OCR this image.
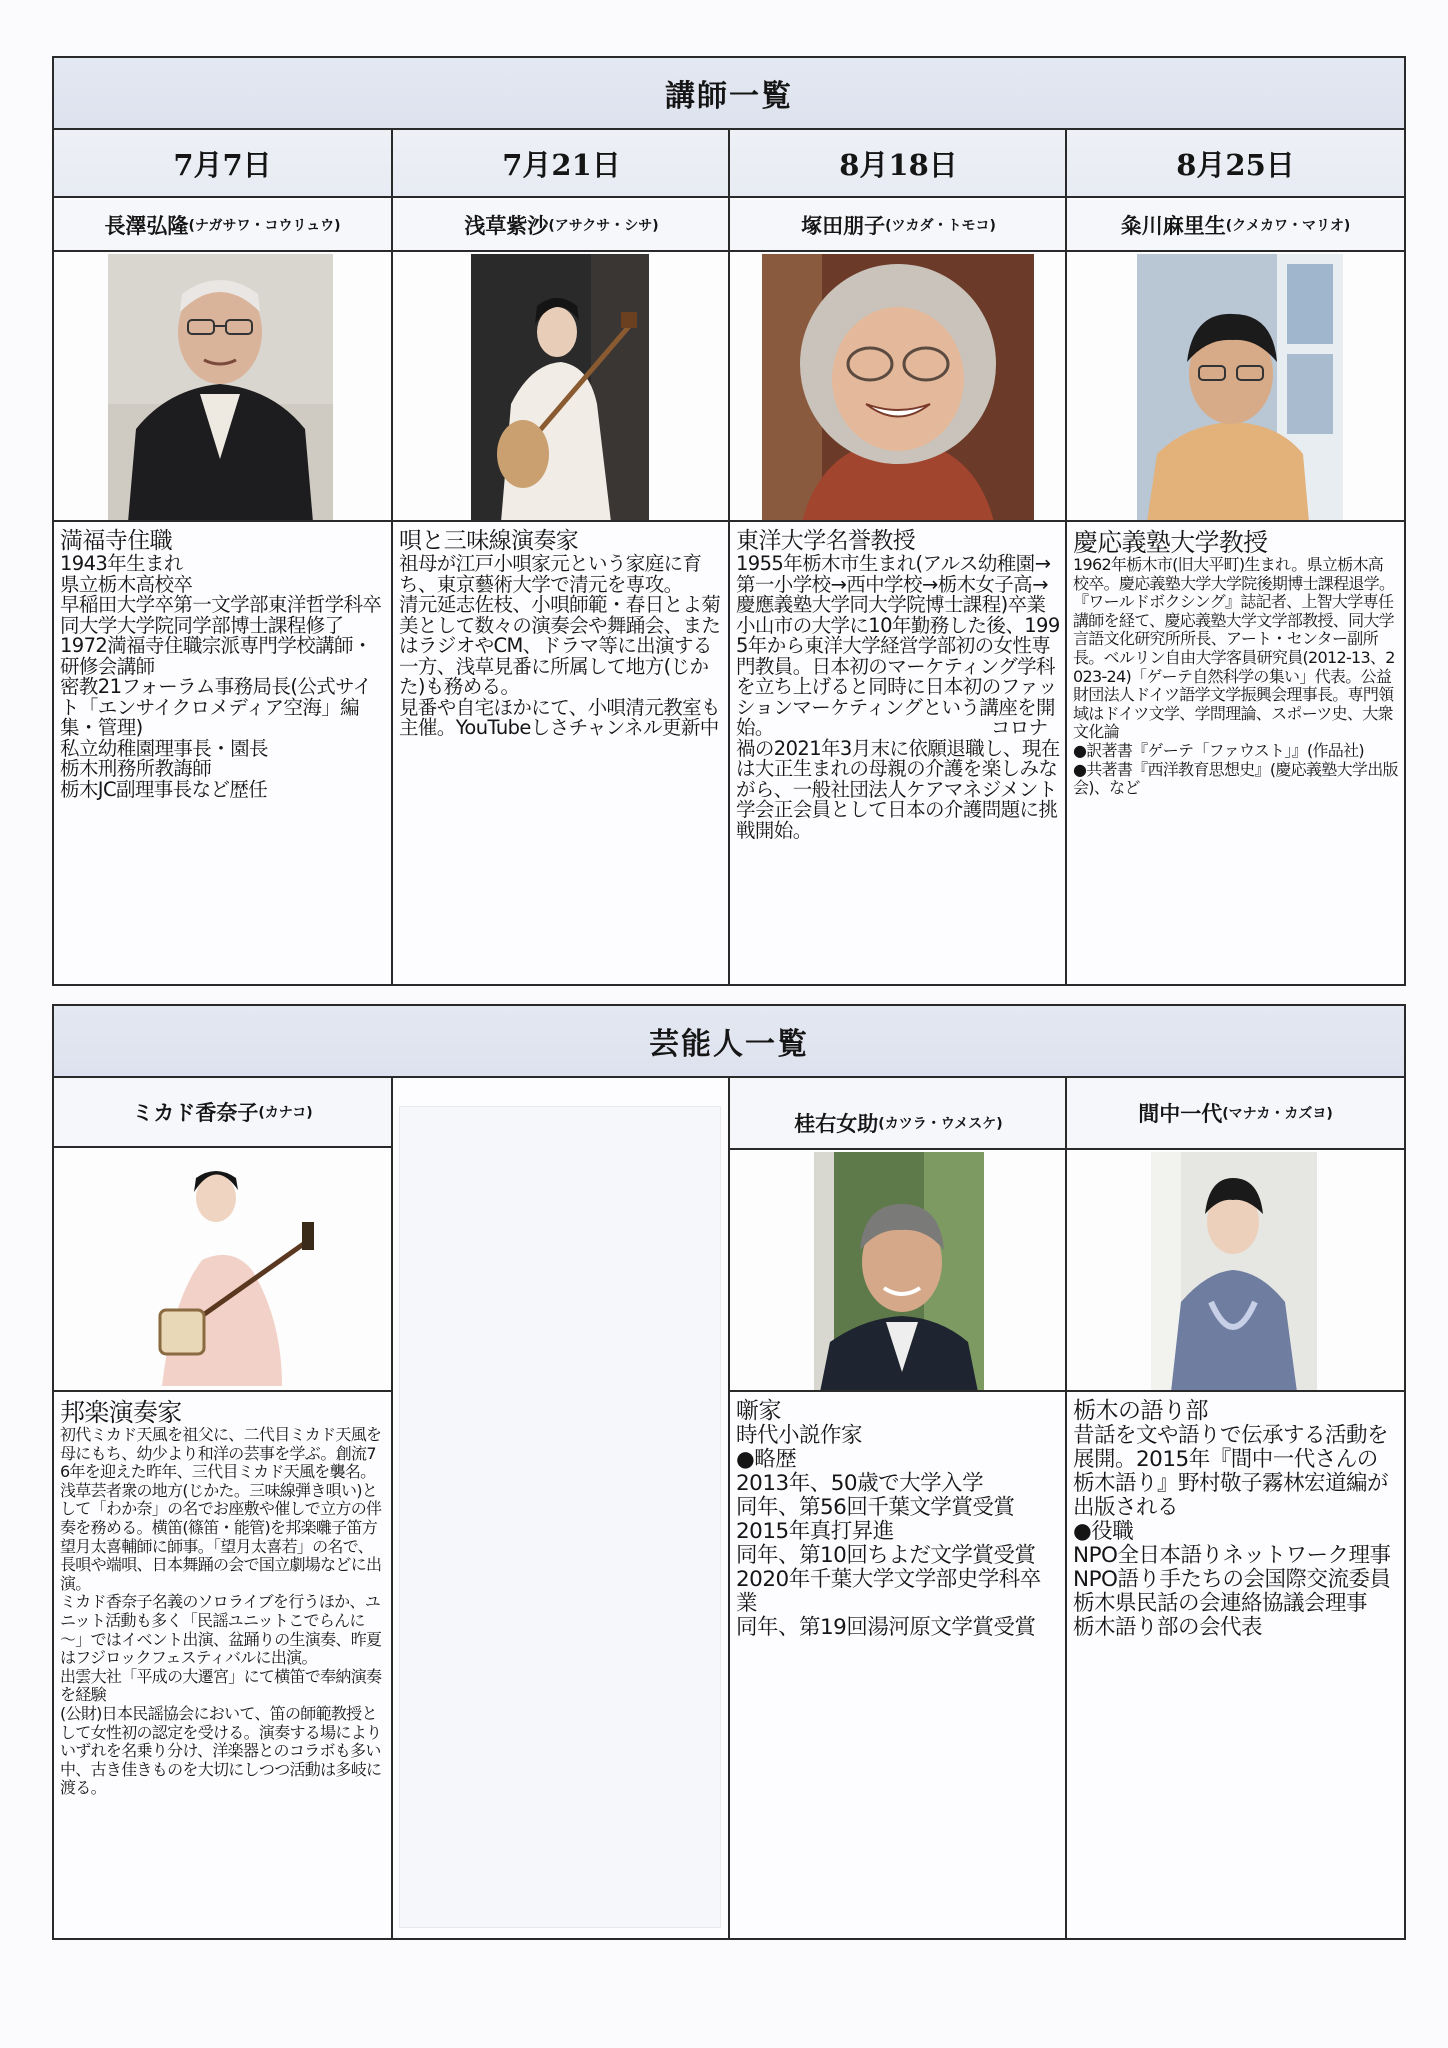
講師一覧
7月7日
長澤弘隆 (ナガサワ・コウリュウ)
満福寺住職
1943年生まれ
県立栃木高校卒
早稲田大学卒第一文学部東洋哲学科卒
同大学大学院同学部博士課程修了
1972満福寺住職宗派専門学校講師・研修会講師
密教21フォーラム事務局長(公式サイト「エンサイクロメディア空海」編集・管理)
私立幼稚園理事長・園長
栃木刑務所教誨師
栃木JC副理事長など歴任
7月21日
浅草紫沙 (アサクサ・シサ)
唄と三味線演奏家
祖母が江戸小唄家元という家庭に育ち、東京藝術大学で清元を専攻。
清元延志佐枝、小唄師範・春日とよ菊美として数々の演奏会や舞踊会、またはラジオやCM、ドラマ等に出演する一方、浅草見番に所属して地方(じかた)も務める。
見番や自宅ほかにて、小唄清元教室も主催。YouTubeしさチャンネル更新中
8月18日
塚田朋子 (ツカダ・トモコ)
東洋大学名誉教授
1955年栃木市生まれ(アルス幼稚園→第一小学校→西中学校→栃木女子高→慶應義塾大学同大学院博士課程)卒業
小山市の大学に10年勤務した後、1995年から東洋大学経営学部初の女性専門教員。日本初のマーケティング学科を立ち上げると同時に日本初のファッションマーケティングという講座を開始。　　　　　　　　　　　　コロナ禍の2021年3月末に依願退職し、現在は大正生まれの母親の介護を楽しみながら、一般社団法人ケアマネジメント学会正会員として日本の介護問題に挑戦開始。
8月25日
粂川麻里生 (クメカワ・マリオ)
慶応義塾大学教授
1962年栃木市(旧大平町)生まれ。県立栃木高校卒。慶応義塾大学大学院後期博士課程退学。『ワールドボクシング』誌記者、上智大学専任講師を経て、慶応義塾大学文学部教授、同大学言語文化研究所所長、アート・センター副所長。ベルリン自由大学客員研究員(2012-13、2023-24)「ゲーテ自然科学の集い」代表。公益財団法人ドイツ語学文学振興会理事長。専門領域はドイツ文学、学問理論、スポーツ史、大衆文化論
●訳著書『ゲーテ「ファウスト」』(作品社)
●共著書『西洋教育思想史』(慶応義塾大学出版会)、など
芸能人一覧
ミカド香奈子 (カナコ)
邦楽演奏家
初代ミカド天風を祖父に、二代目ミカド天風を母にもち、幼少より和洋の芸事を学ぶ。創流76年を迎えた昨年、三代目ミカド天風を襲名。浅草芸者衆の地方(じかた。三味線弾き唄い)として「わか奈」の名でお座敷や催しで立方の伴奏を務める。横笛(篠笛・能管)を邦楽囃子笛方望月太喜輔師に師事。「望月太喜若」の名で、長唄や端唄、日本舞踊の会で国立劇場などに出演。
ミカド香奈子名義のソロライブを行うほか、ユニット活動も多く「民謡ユニットこでらんに～」ではイベント出演、盆踊りの生演奏、昨夏はフジロックフェスティバルに出演。
出雲大社「平成の大遷宮」にて横笛で奉納演奏を経験
(公財)日本民謡協会において、笛の師範教授として女性初の認定を受ける。演奏する場によりいずれを名乗り分け、洋楽器とのコラボも多い中、古き佳きものを大切にしつつ活動は多岐に渡る。
桂右女助 (カツラ・ウメスケ)
噺家
時代小説作家
●略歴
2013年、50歳で大学入学
同年、第56回千葉文学賞受賞
2015年真打昇進
同年、第10回ちよだ文学賞受賞
2020年千葉大学文学部史学科卒業
同年、第19回湯河原文学賞受賞
間中一代 (マナカ・カズヨ)
栃木の語り部
昔話を文や語りで伝承する活動を展開。2015年『間中一代さんの栃木語り』野村敬子霧林宏道編が出版される
●役職
NPO全日本語りネットワーク理事
NPO語り手たちの会国際交流委員
栃木県民話の会連絡協議会理事
栃木語り部の会代表
